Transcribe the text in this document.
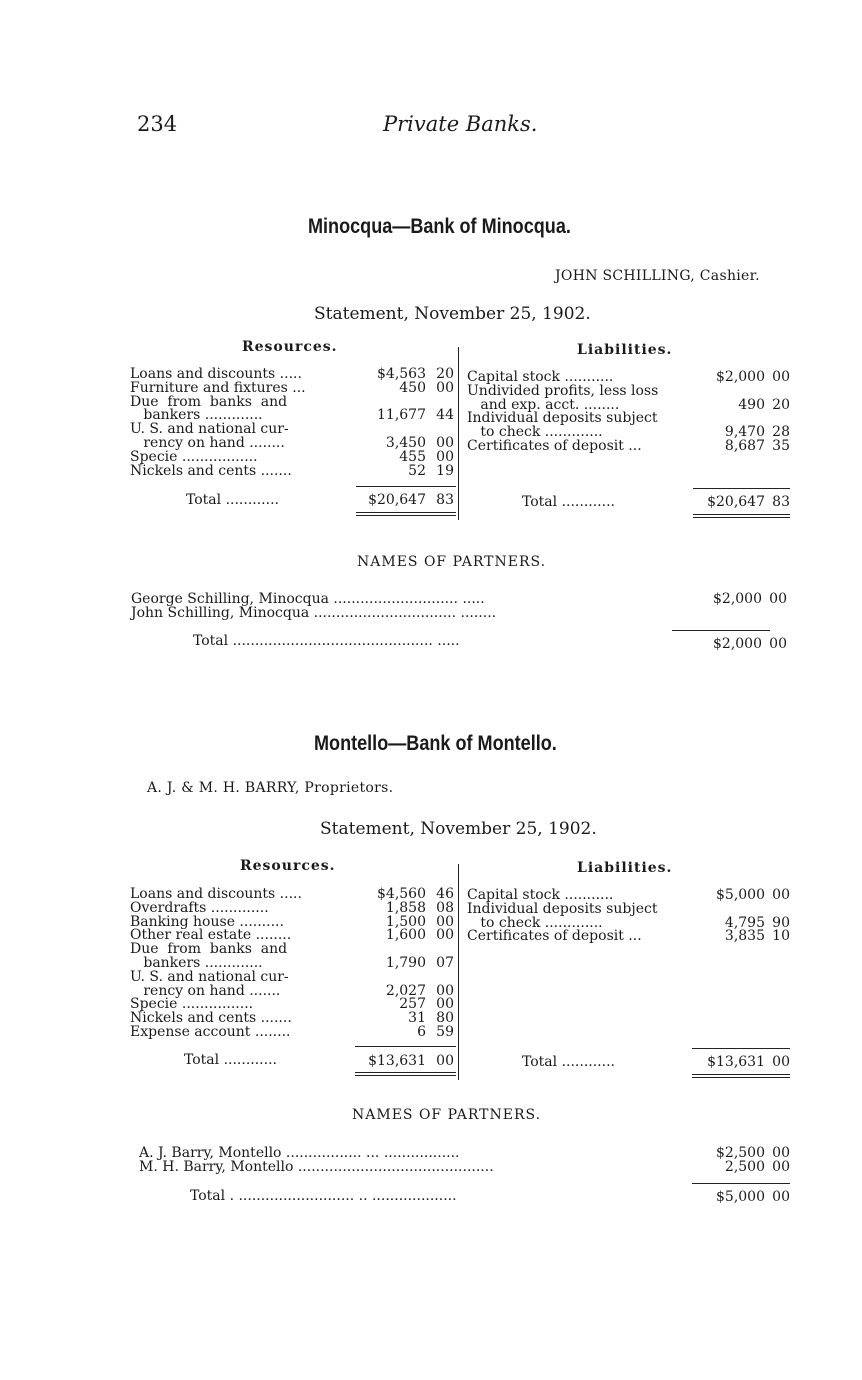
234	Private Banks.
Minocqua—Bank of Minocqua.
JOHN SCHILLING, Cashier.
Statement, November 25, 1902.
Resources.	Liabilities.
Loans and discounts .....	$4,563 20
Furniture and fixtures ...	450 00
Due  from  banks  and
bankers .............	11,677 44
U. S. and national cur-
rency on hand ........	3,450 00
Specie .................	455 00
Nickels and cents .......	52 19
Capital stock ...........	$2,000 00
Undivided profits, less loss
and exp. acct. ........	490 20
Individual deposits subject
to check .............	9,470 28
Certificates of deposit ...	8,687 35
Total ............	$20,647 83	Total ............	$20,647 83
NAMES OF PARTNERS.
George Schilling, Minocqua ............................ .....	$2,000 00
John Schilling, Minocqua ................................ ........
Total ............................................. .....	$2,000 00
Montello—Bank of Montello.
A. J. & M. H. BARRY, Proprietors.
Statement, November 25, 1902.
Resources.	Liabilities.
Loans and discounts .....	$4,560 46
Overdrafts .............	1,858 08
Banking house ..........	1,500 00
Other real estate ........	1,600 00
Due  from  banks  and
bankers .............	1,790 07
U. S. and national cur-
rency on hand .......	2,027 00
Specie ................	257 00
Nickels and cents .......	31 80
Expense account ........	6 59
Capital stock ...........	$5,000 00
Individual deposits subject
to check .............	4,795 90
Certificates of deposit ...	3,835 10
Total ............	$13,631 00	Total ............	$13,631 00
NAMES OF PARTNERS.
A. J. Barry, Montello ................. ... .................	$2,500 00
M. H. Barry, Montello ............................................	2,500 00
Total . .......................... .. ...................	$5,000 00
